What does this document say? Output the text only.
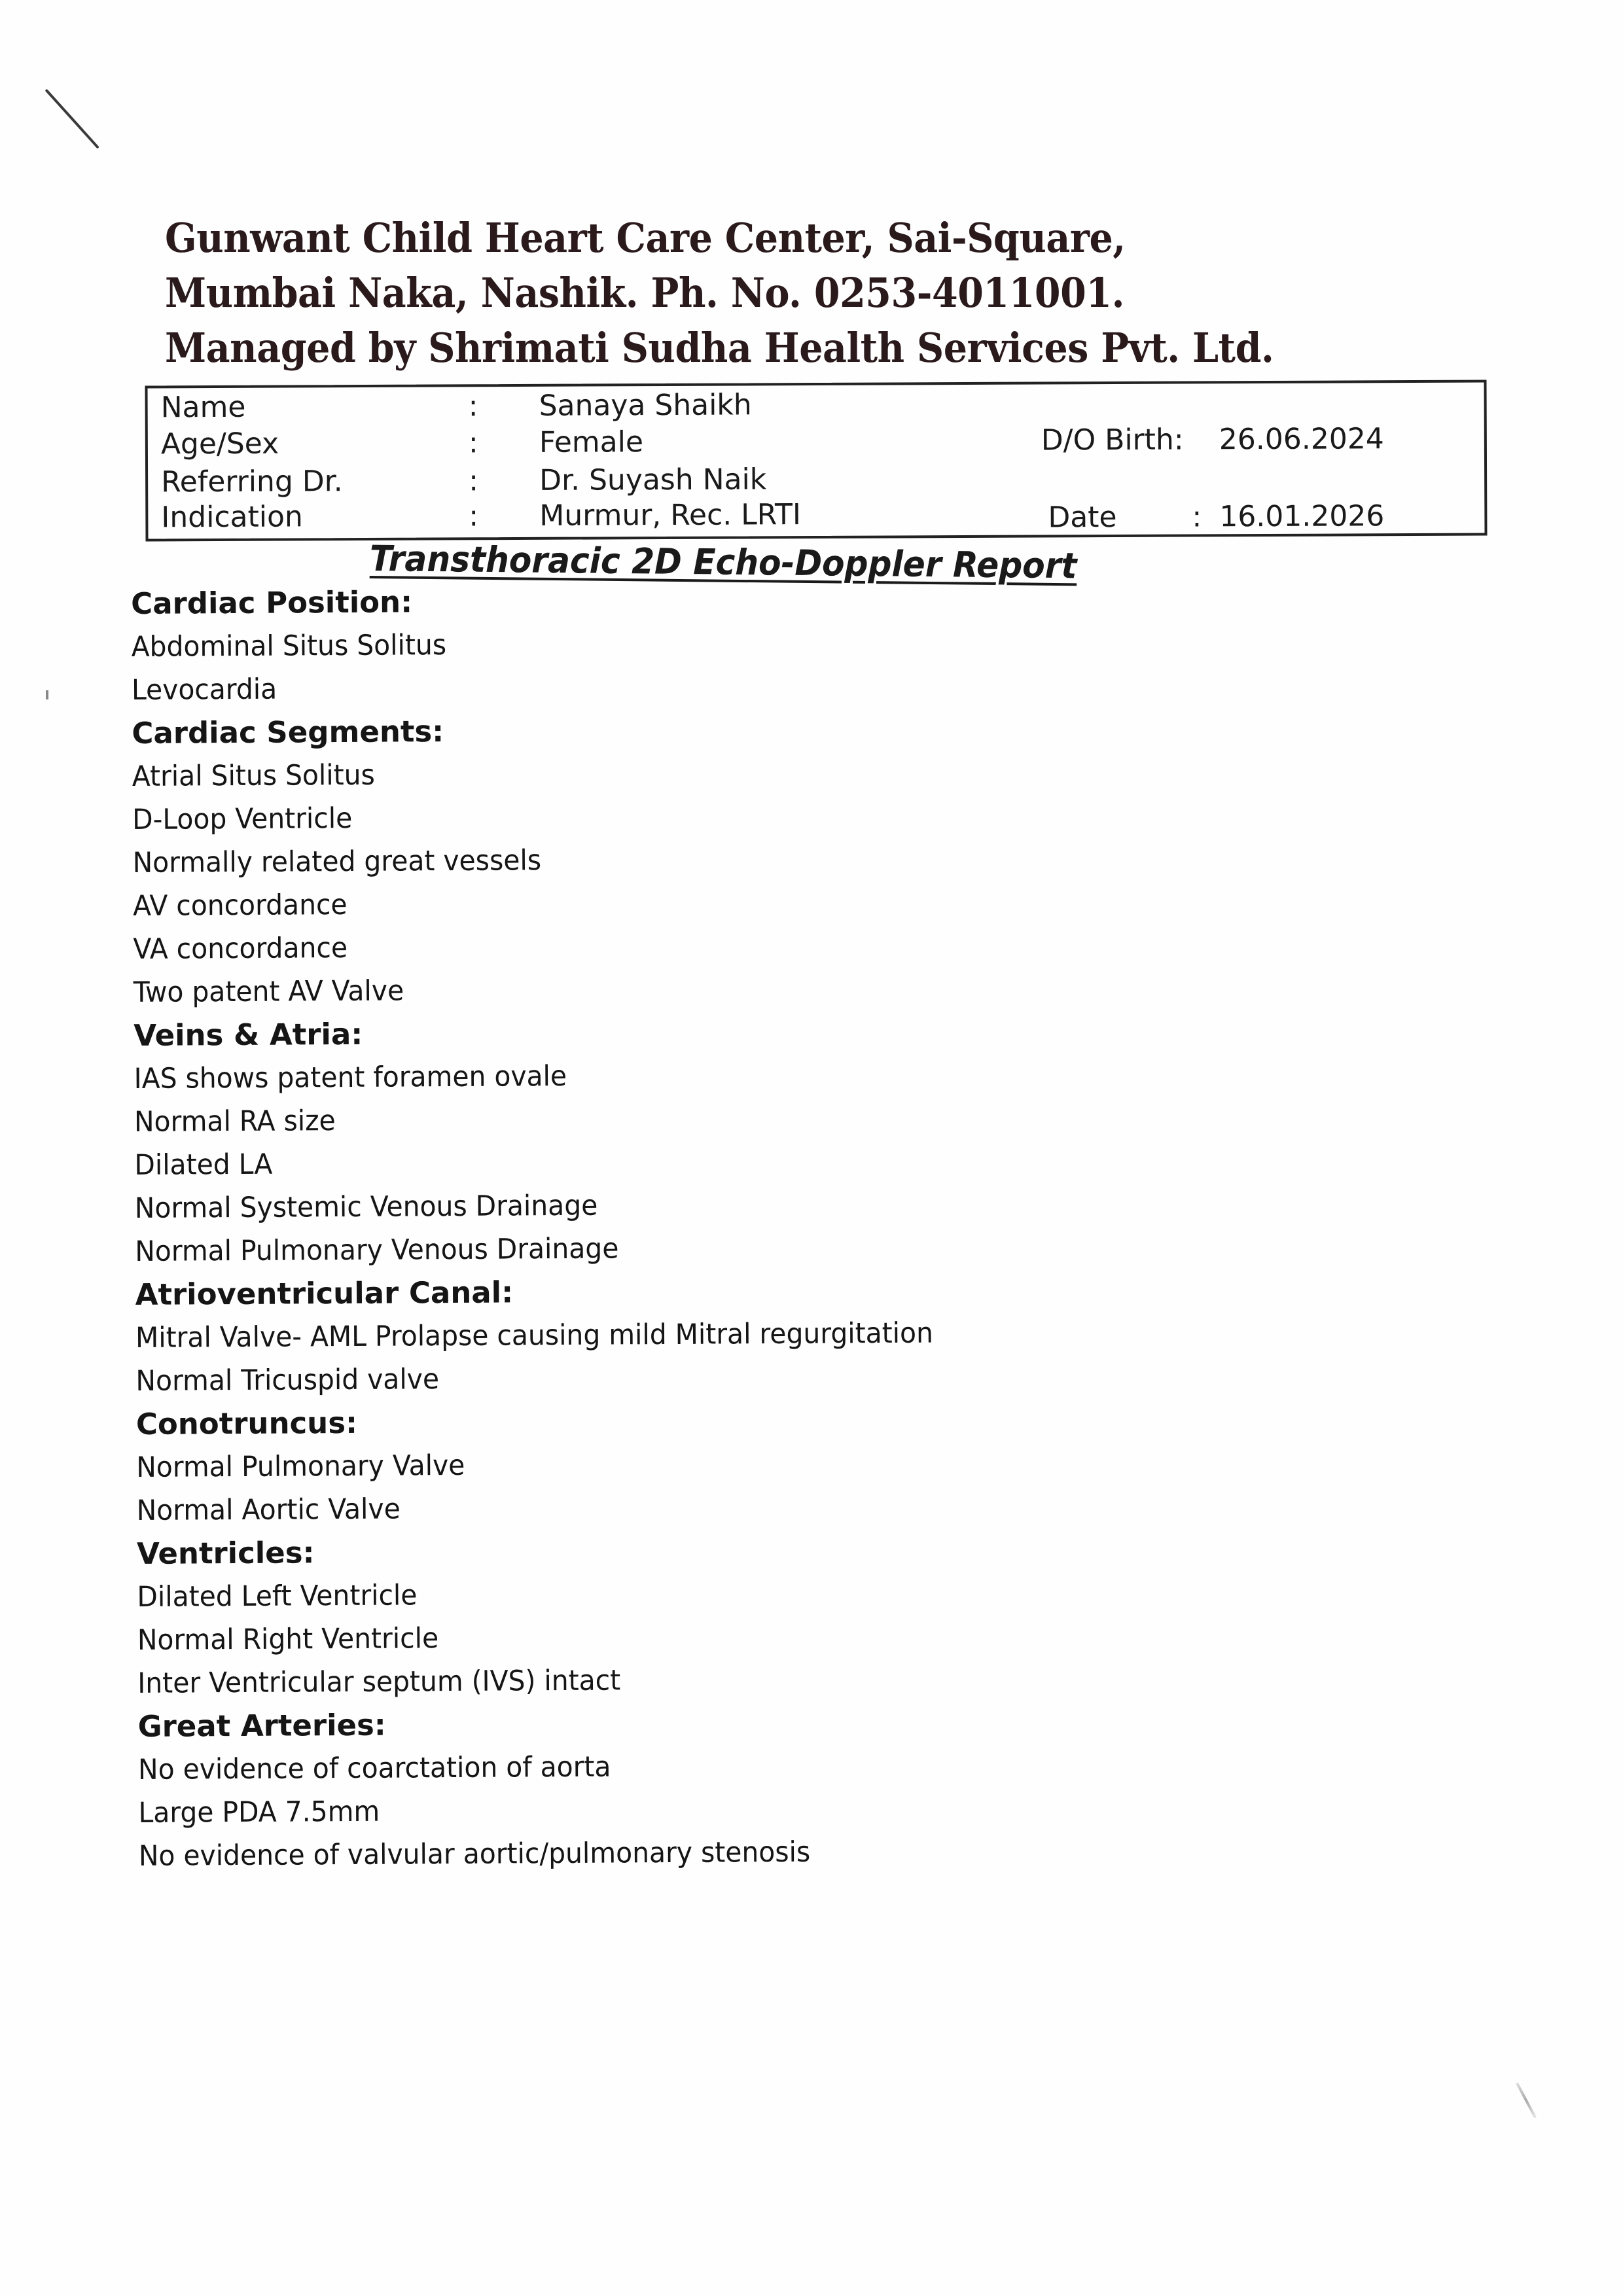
Gunwant Child Heart Care Center, Sai-Square,
Mumbai Naka, Nashik. Ph. No. 0253-4011001.
Managed by Shrimati Sudha Health Services Pvt. Ltd.
Name	: Sanaya Shaikh
Age/Sex	: Female
Referring Dr.	: Dr. Suyash Naik
Indication	: Murmur, Rec. LRTI
D/O Birth: 26.06.2024
Date	: 16.01.2026
Transthoracic 2D Echo-Doppler Report
Cardiac Position:
Abdominal Situs Solitus
Levocardia
Cardiac Segments:
Atrial Situs Solitus
D-Loop Ventricle
Normally related great vessels
AV concordance
VA concordance
Two patent AV Valve
Veins & Atria:
IAS shows patent foramen ovale
Normal RA size
Dilated LA
Normal Systemic Venous Drainage
Normal Pulmonary Venous Drainage
Atrioventricular Canal:
Mitral Valve- AML Prolapse causing mild Mitral regurgitation
Normal Tricuspid valve
Conotruncus:
Normal Pulmonary Valve
Normal Aortic Valve
Ventricles:
Dilated Left Ventricle
Normal Right Ventricle
Inter Ventricular septum (IVS) intact
Great Arteries:
No evidence of coarctation of aorta
Large PDA 7.5mm
No evidence of valvular aortic/pulmonary stenosis
